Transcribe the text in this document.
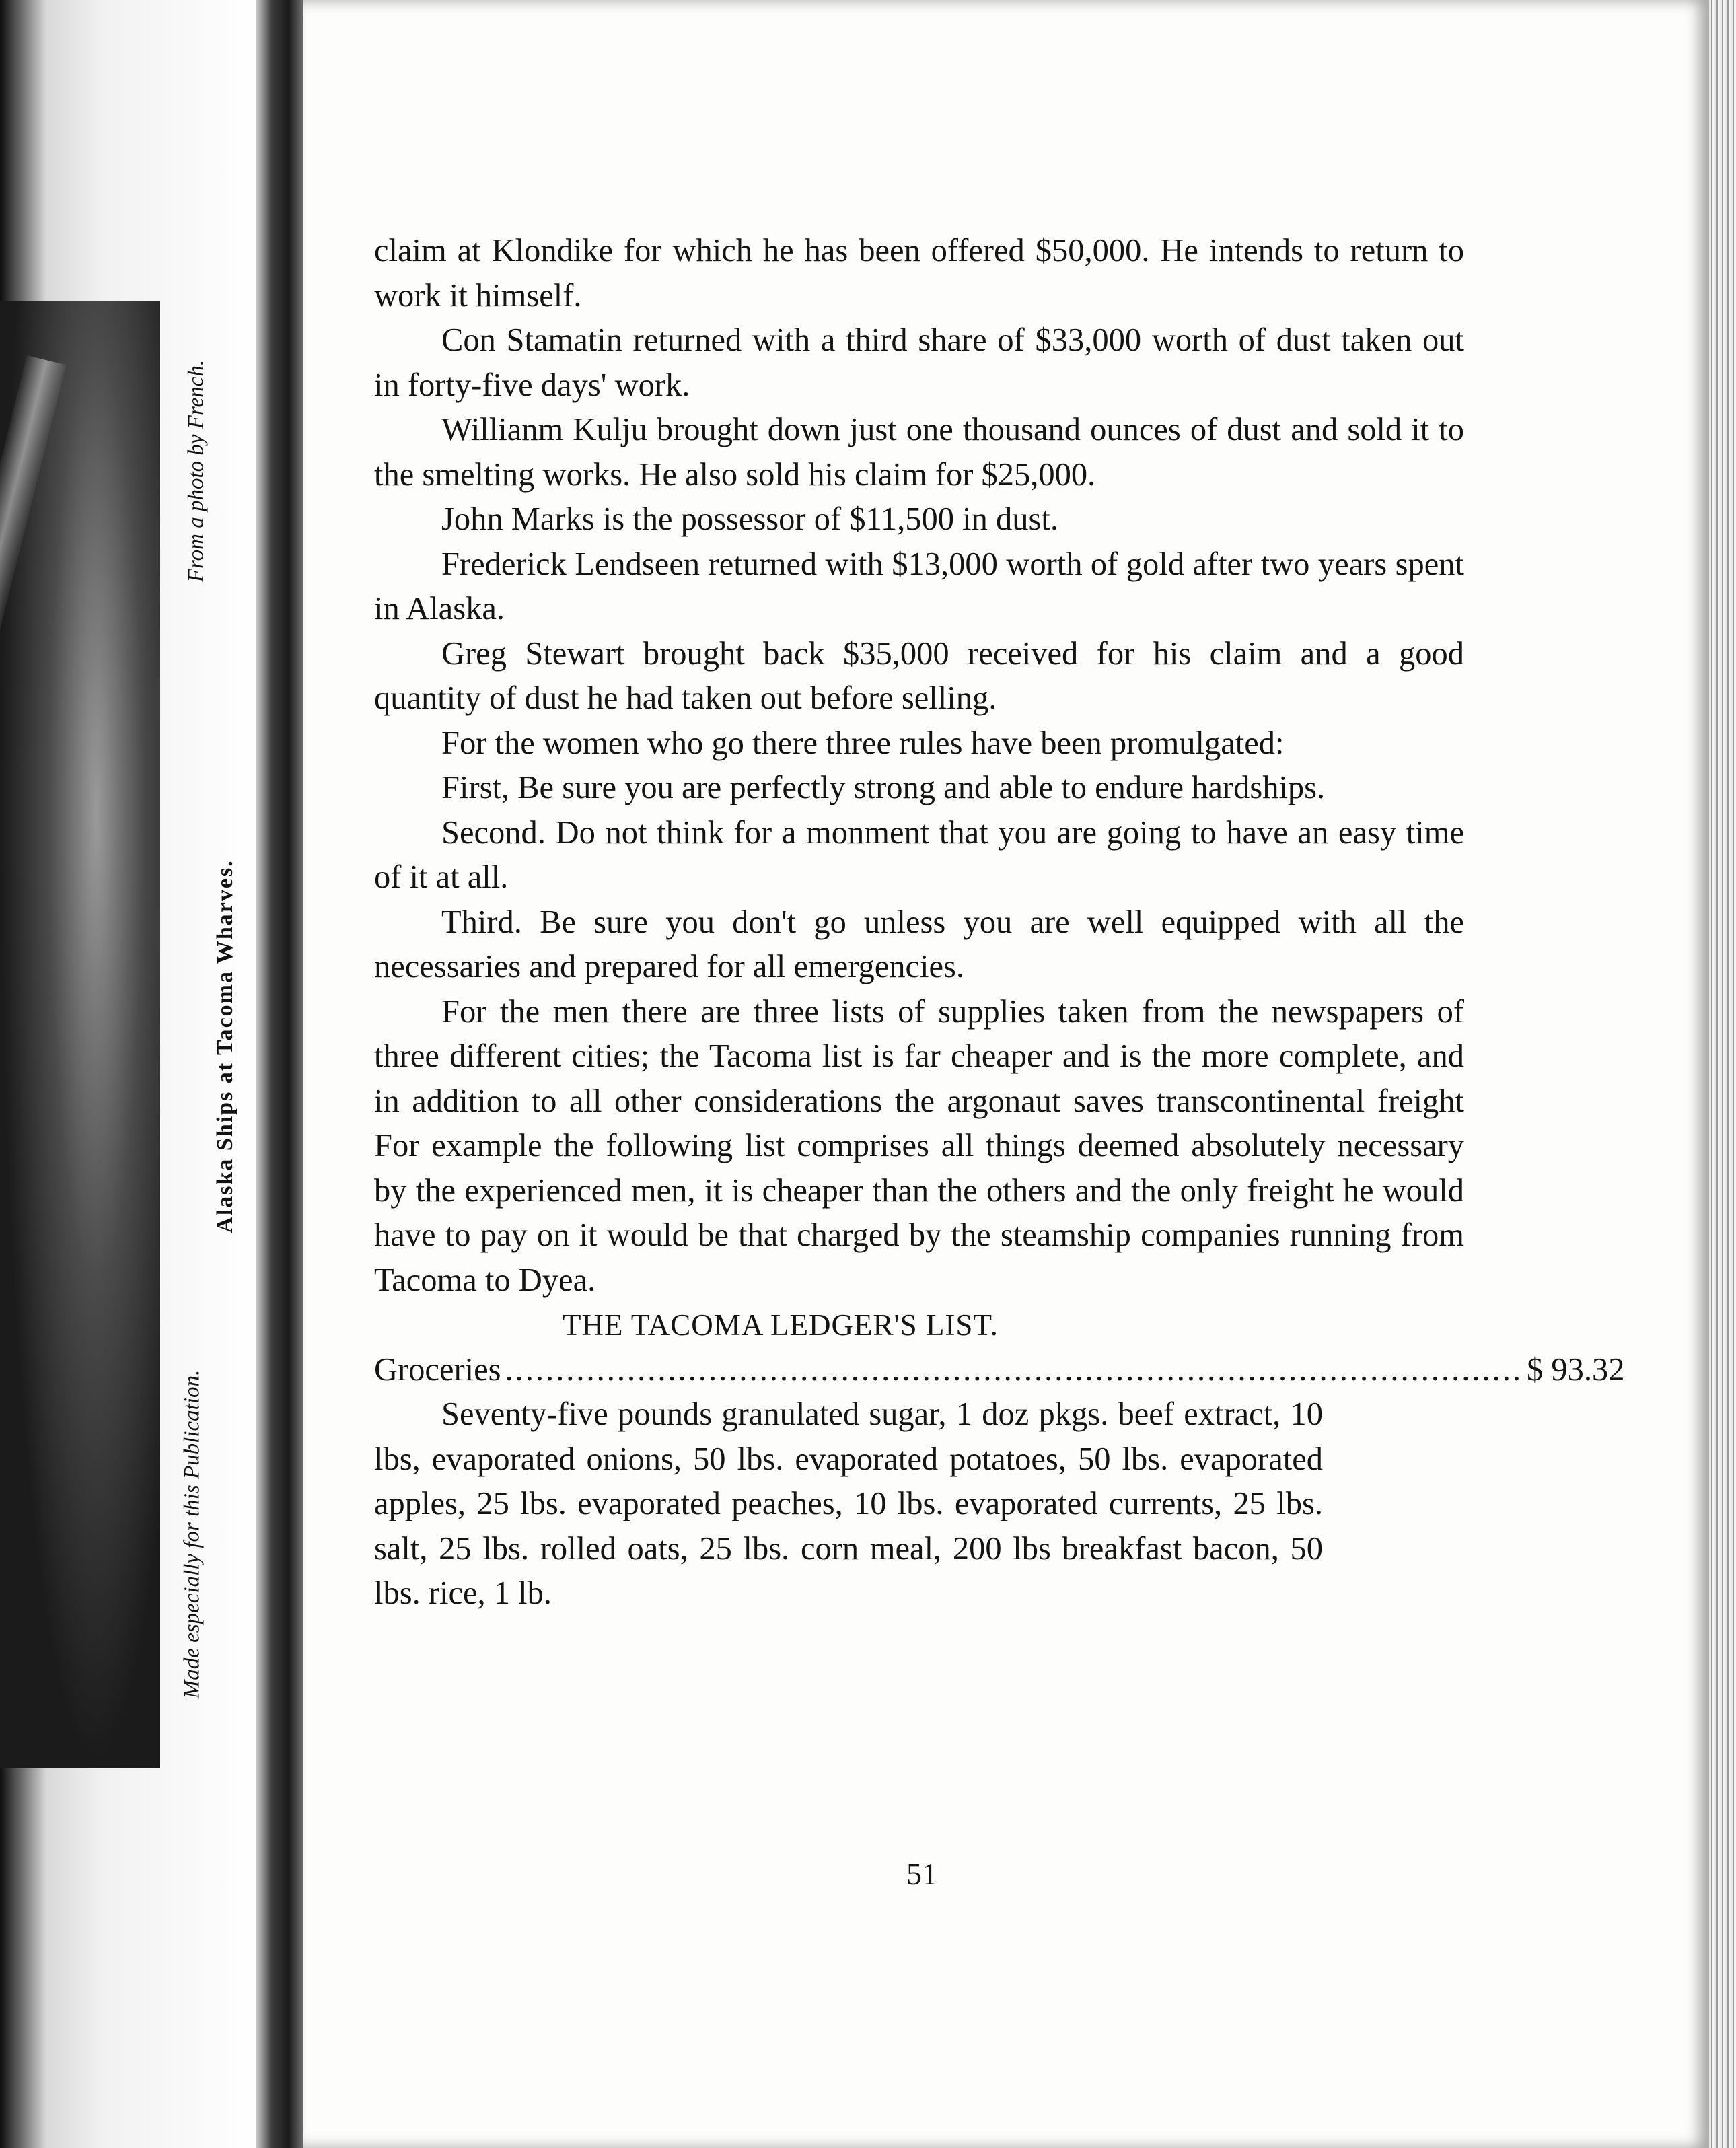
From a photo by French.
Alaska Ships at Tacoma Wharves.
Made especially for this Publication.

claim at Klondike for which he has been offered $50,000. He intends to return to work it himself.

Con Stamatin returned with a third share of $33,000 worth of dust taken out in forty-five days' work.

Willianm Kulju brought down just one thousand ounces of dust and sold it to the smelting works. He also sold his claim for $25,000.

John Marks is the possessor of $11,500 in dust.

Frederick Lendseen returned with $13,000 worth of gold after two years spent in Alaska.

Greg Stewart brought back $35,000 received for his claim and a good quantity of dust he had taken out before selling.

For the women who go there three rules have been promulgated:

First, Be sure you are perfectly strong and able to endure hardships.

Second. Do not think for a monment that you are going to have an easy time of it at all.

Third. Be sure you don't go unless you are well equipped with all the necessaries and prepared for all emergencies.

For the men there are three lists of supplies taken from the newspapers of three different cities; the Tacoma list is far cheaper and is the more complete, and in addition to all other considerations the argonaut saves transcontinental freight For example the following list comprises all things deemed absolutely necessary by the experienced men, it is cheaper than the others and the only freight he would have to pay on it would be that charged by the steamship companies running from Tacoma to Dyea.

THE TACOMA LEDGER'S LIST.

Groceries .................................................................................................... $ 93.32

Seventy-five pounds granulated sugar, 1 doz pkgs. beef extract, 10 lbs, evaporated onions, 50 lbs. evaporated potatoes, 50 lbs. evaporated apples, 25 lbs. evaporated peaches, 10 lbs. evaporated currents, 25 lbs. salt, 25 lbs. rolled oats, 25 lbs. corn meal, 200 lbs breakfast bacon, 50 lbs. rice, 1 lb.

51
